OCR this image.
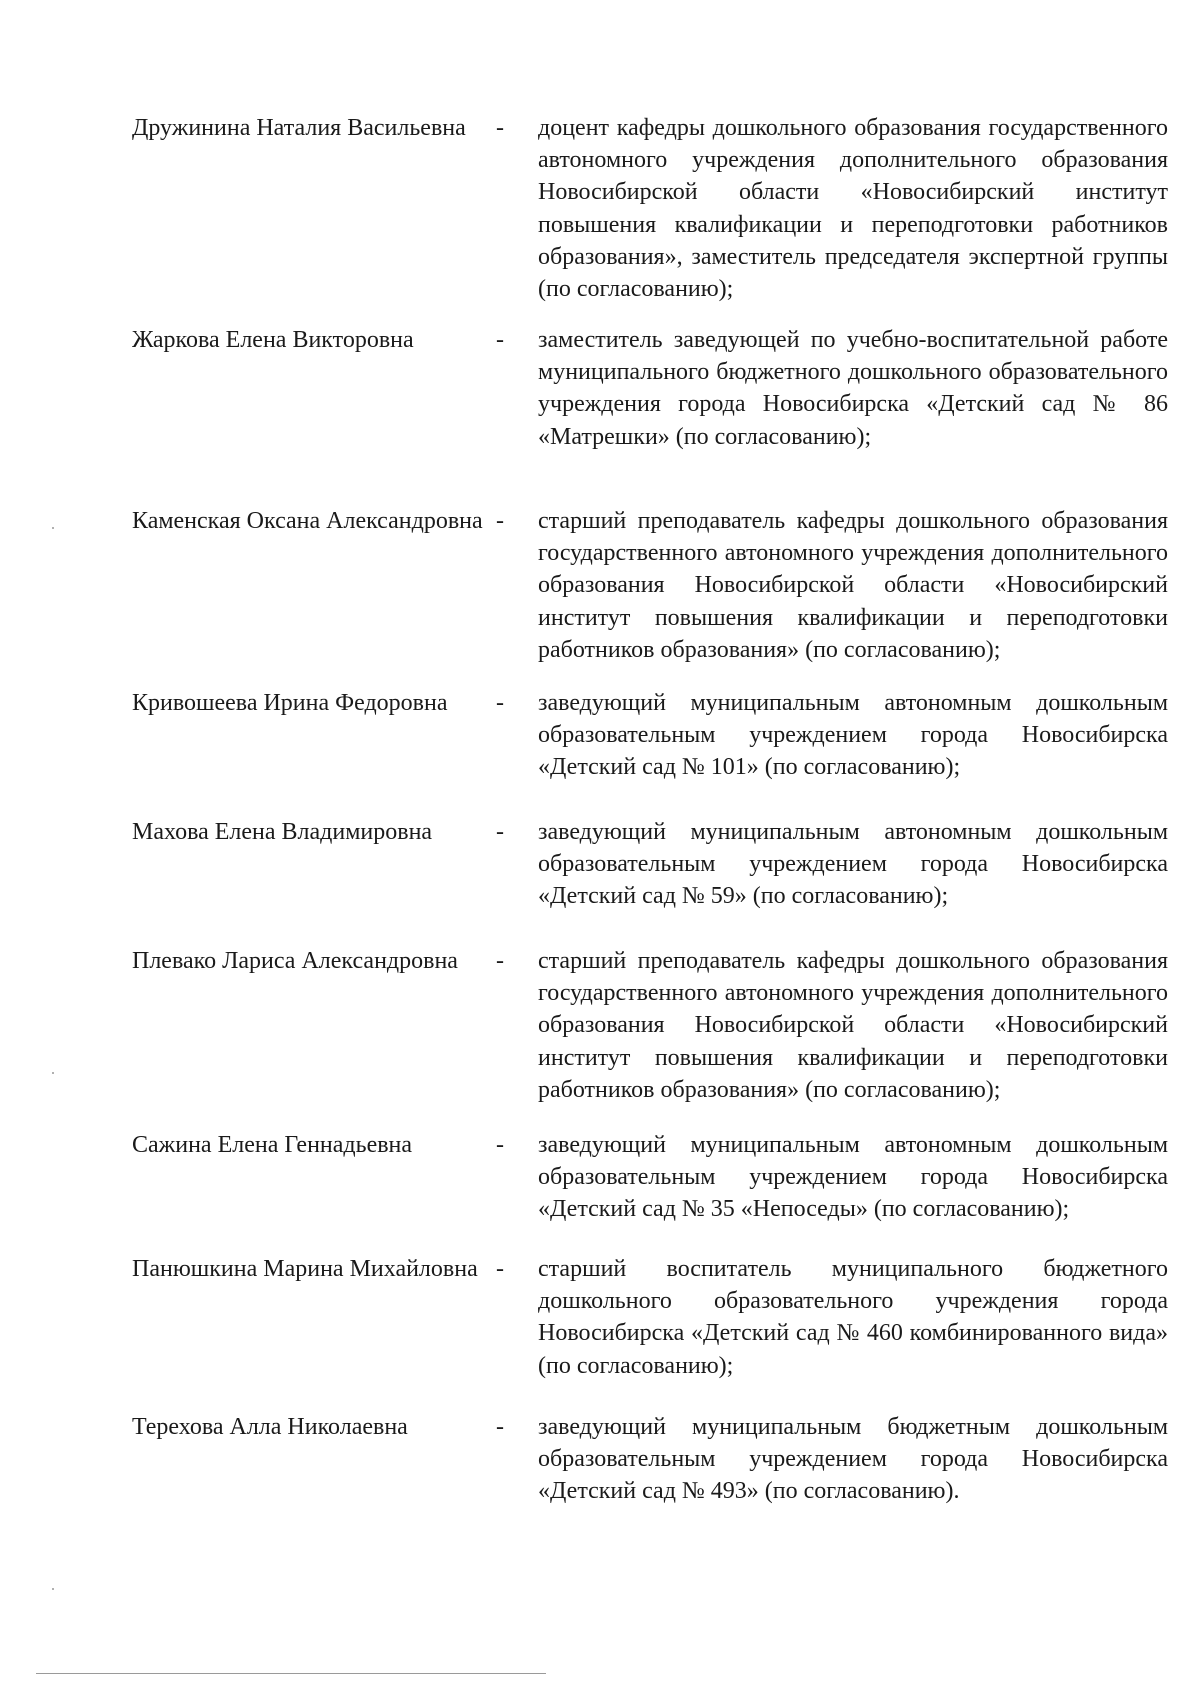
Дружинина Наталия Васильевна	-	доцент кафедры дошкольного образования государственного автономного учреждения дополнительного образования Новосибирской области «Новосибирский институт повышения квалификации и переподготовки работников образования», заместитель председателя экспертной группы (по согласованию);
Жаркова Елена Викторовна	-	заместитель заведующей по учебно-воспитательной работе муниципального бюджетного дошкольного образовательного учреждения города Новосибирска «Детский сад № 86 «Матрешки» (по согласованию);
Каменская Оксана Александровна -	старший преподаватель кафедры дошкольного образования государственного автономного учреждения дополнительного образования Новосибирской области «Новосибирский институт повышения квалификации и переподготовки работников образования» (по согласованию);
Кривошеева Ирина Федоровна	-	заведующий муниципальным автономным дошкольным образовательным учреждением города Новосибирска «Детский сад № 101» (по согласованию);
Махова Елена Владимировна	-	заведующий муниципальным автономным дошкольным образовательным учреждением города Новосибирска «Детский сад № 59» (по согласованию);
Плевако Лариса Александровна	-	старший преподаватель кафедры дошкольного образования государственного автономного учреждения дополнительного образования Новосибирской области «Новосибирский институт повышения квалификации и переподготовки работников образования» (по согласованию);
Сажина Елена Геннадьевна	-	заведующий муниципальным автономным дошкольным образовательным учреждением города Новосибирска «Детский сад № 35 «Непоседы» (по согласованию);
Панюшкина Марина Михайловна -	старший воспитатель муниципального бюджетного дошкольного образовательного учреждения города Новосибирска «Детский сад № 460 комбинированного вида» (по согласованию);
Терехова Алла Николаевна	-	заведующий муниципальным бюджетным дошкольным образовательным учреждением города Новосибирска «Детский сад № 493» (по согласованию).
